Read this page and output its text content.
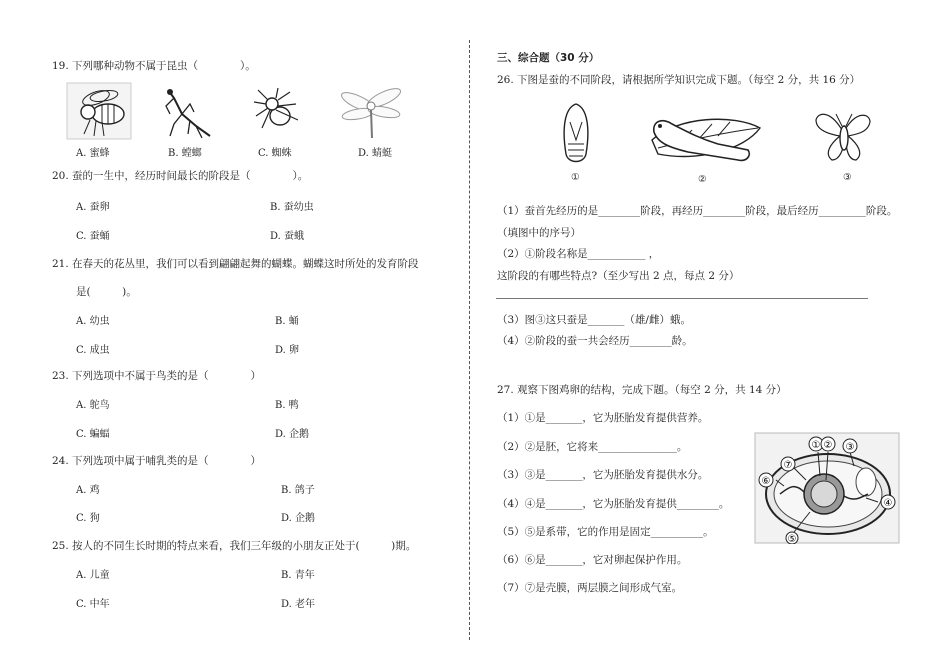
19. 下列哪种动物不属于昆虫（　　　　）。
A. 蜜蜂	B. 螳螂	C. 蜘蛛	D. 蜻蜓
20. 蚕的一生中，经历时间最长的阶段是（　　　　）。
A. 蚕卵	B. 蚕幼虫
C. 蚕蛹	D. 蚕蛾
21. 在春天的花丛里，我们可以看到翩翩起舞的蝴蝶。蝴蝶这时所处的发育阶段
是(　　　)。
A. 幼虫	B. 蛹
C. 成虫	D. 卵
23. 下列选项中不属于鸟类的是（　　　　）
A. 鸵鸟	B. 鸭
C. 蝙蝠	D. 企鹅
24. 下列选项中属于哺乳类的是（　　　　）
A. 鸡	B. 鸽子
C. 狗	D. 企鹅
25. 按人的不同生长时期的特点来看，我们三年级的小朋友正处于(　　　)期。
A. 儿童	B. 青年
C. 中年	D. 老年
三、综合题（30 分）
26. 下图是蚕的不同阶段，请根据所学知识完成下题。（每空 2 分，共 16 分）
①	②	③
（1）蚕首先经历的是________阶段，再经历________阶段，最后经历_________阶段。
（填图中的序号）
（2）①阶段名称是___________ ，
这阶段的有哪些特点?（至少写出 2 点，每点 2 分）
（3）图③这只蚕是_______（雄/雌）蛾。
（4）②阶段的蚕一共会经历________龄。
27. 观察下图鸡卵的结构，完成下题。（每空 2 分，共 14 分）
（1）①是_______，它为胚胎发育提供营养。
（2）②是胚，它将来_______________。
（3）③是_______，它为胚胎发育提供水分。
（4）④是_______，它为胚胎发育提供________。
（5）⑤是系带，它的作用是固定__________。
（6）⑥是_______，它对卵起保护作用。
（7）⑦是壳膜，两层膜之间形成气室。
① ② ③
④
⑤
⑥
⑦
